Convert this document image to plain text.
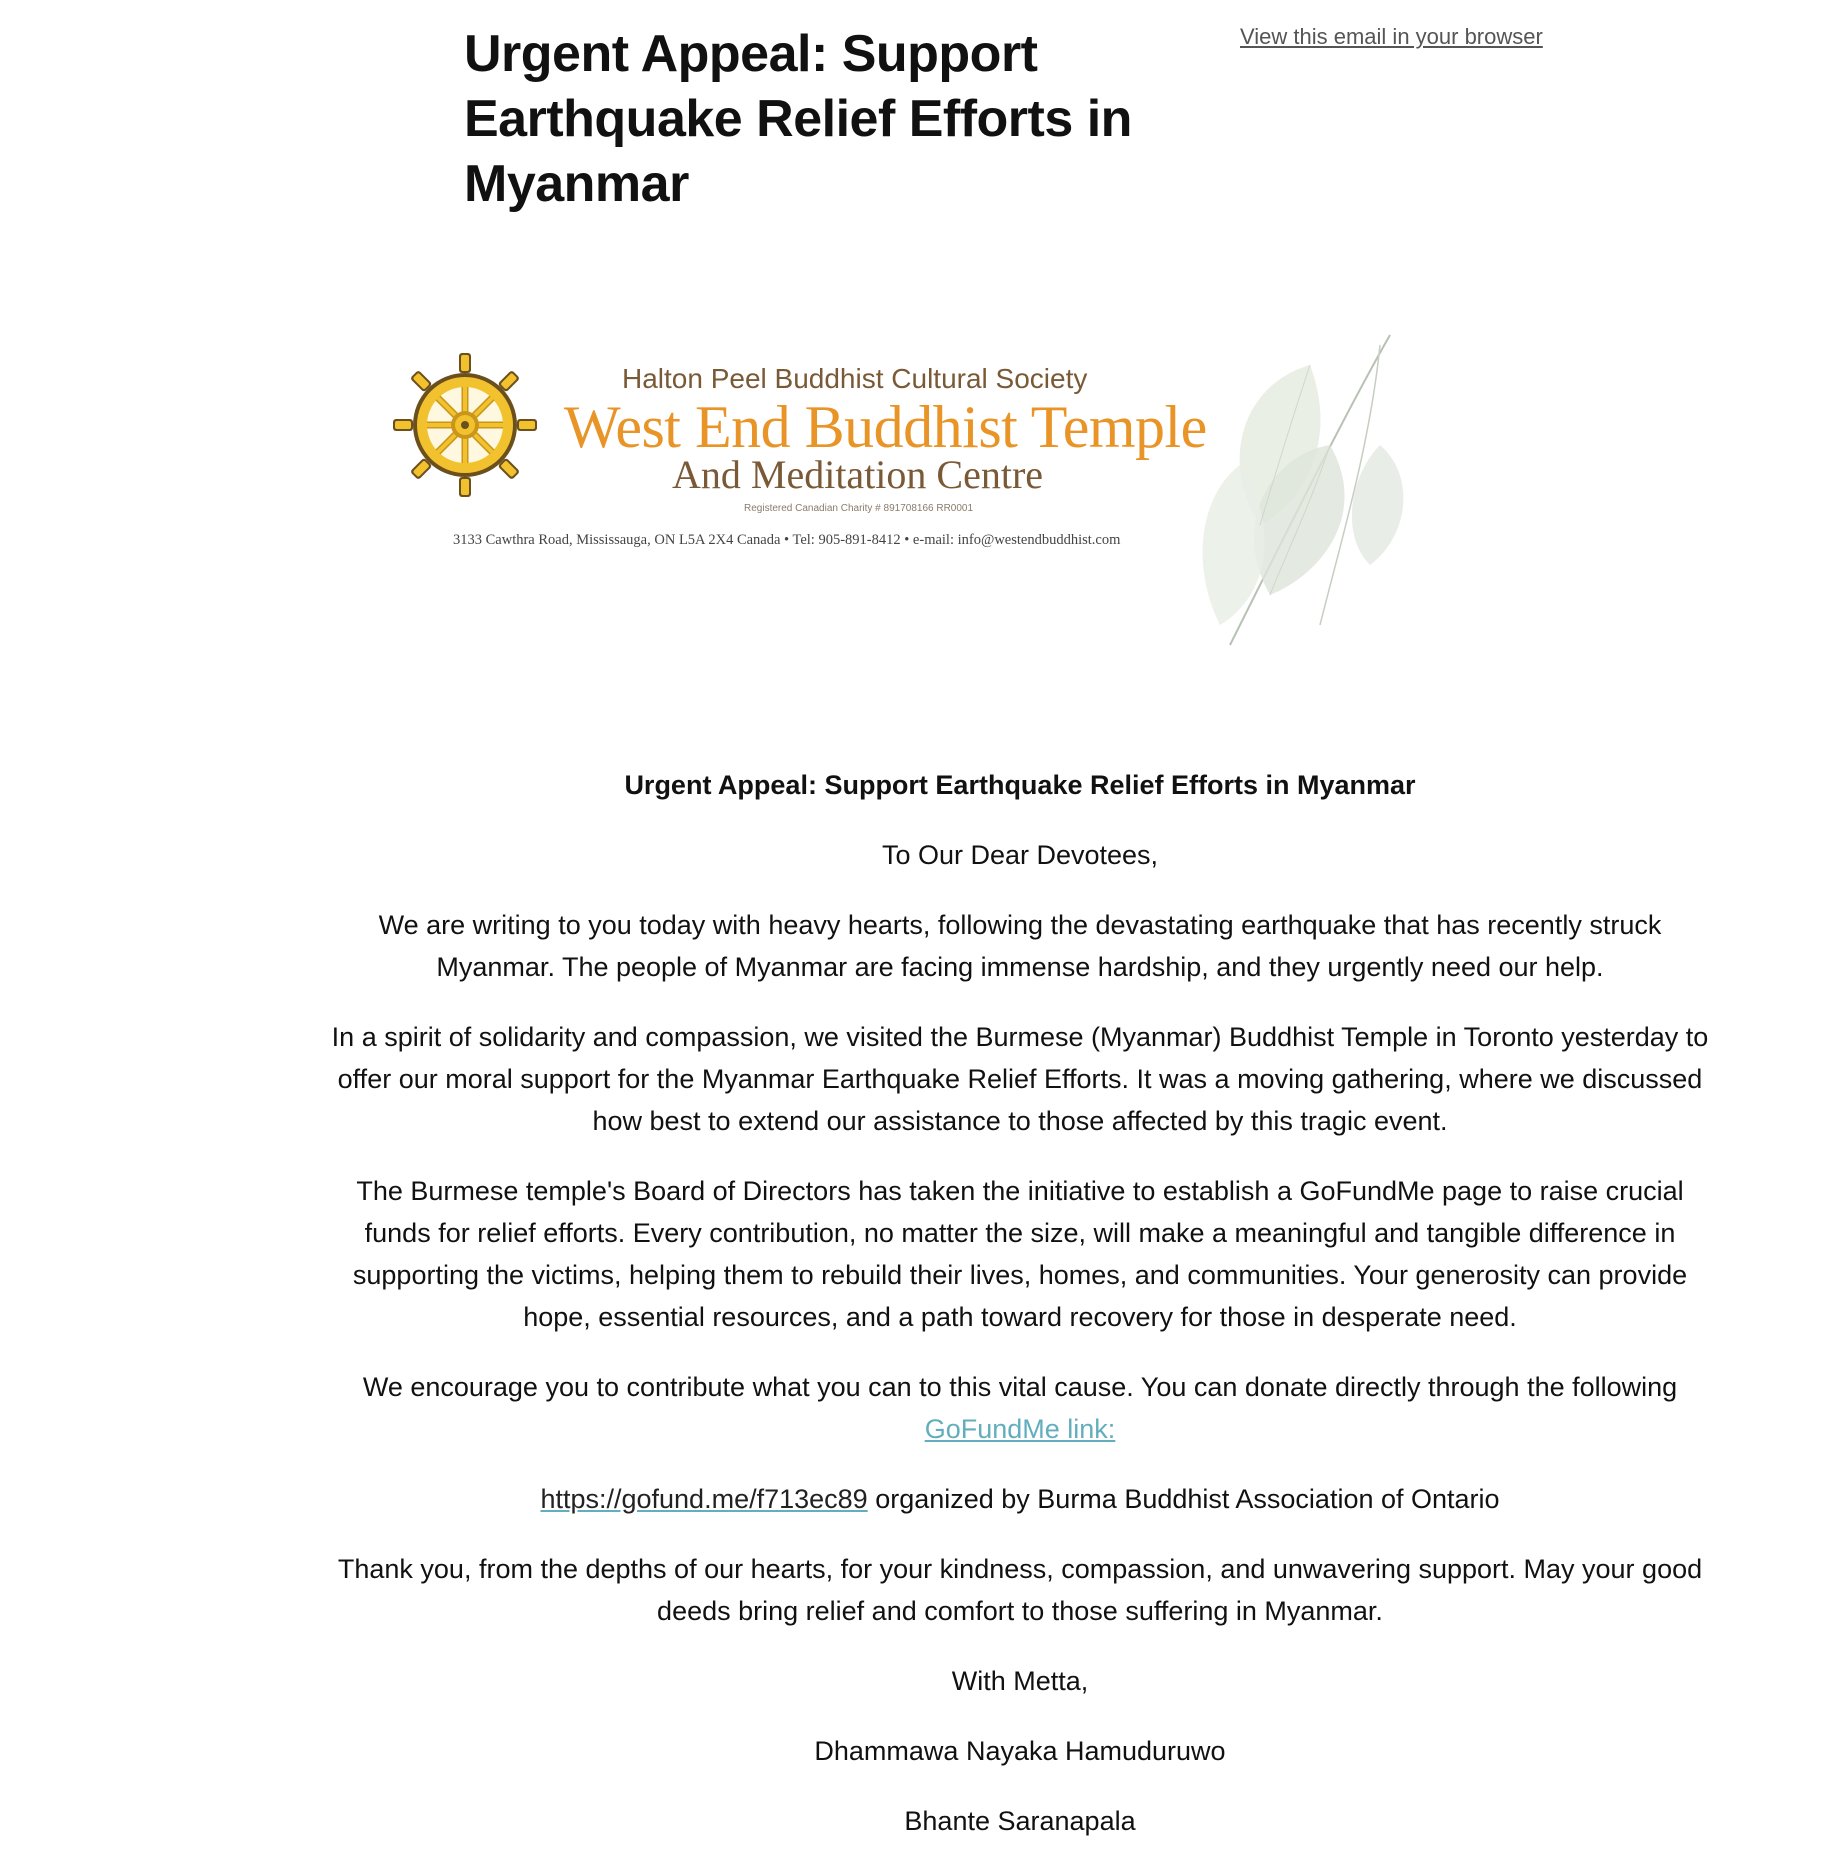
Urgent Appeal: Support Earthquake Relief Efforts in Myanmar
View this email in your browser
Halton Peel Buddhist Cultural Society
West End Buddhist Temple
And Meditation Centre
Registered Canadian Charity # 891708166 RR0001
3133 Cawthra Road, Mississauga, ON L5A 2X4 Canada • Tel: 905-891-8412 • e-mail: info@westendbuddhist.com

Urgent Appeal: Support Earthquake Relief Efforts in Myanmar

To Our Dear Devotees,

We are writing to you today with heavy hearts, following the devastating earthquake that has recently struck Myanmar. The people of Myanmar are facing immense hardship, and they urgently need our help.

In a spirit of solidarity and compassion, we visited the Burmese (Myanmar) Buddhist Temple in Toronto yesterday to offer our moral support for the Myanmar Earthquake Relief Efforts. It was a moving gathering, where we discussed how best to extend our assistance to those affected by this tragic event.

The Burmese temple's Board of Directors has taken the initiative to establish a GoFundMe page to raise crucial funds for relief efforts. Every contribution, no matter the size, will make a meaningful and tangible difference in supporting the victims, helping them to rebuild their lives, homes, and communities. Your generosity can provide hope, essential resources, and a path toward recovery for those in desperate need.

We encourage you to contribute what you can to this vital cause. You can donate directly through the following GoFundMe link:

https://gofund.me/f713ec89 organized by Burma Buddhist Association of Ontario

Thank you, from the depths of our hearts, for your kindness, compassion, and unwavering support. May your good deeds bring relief and comfort to those suffering in Myanmar.

With Metta,

Dhammawa Nayaka Hamuduruwo

Bhante Saranapala
